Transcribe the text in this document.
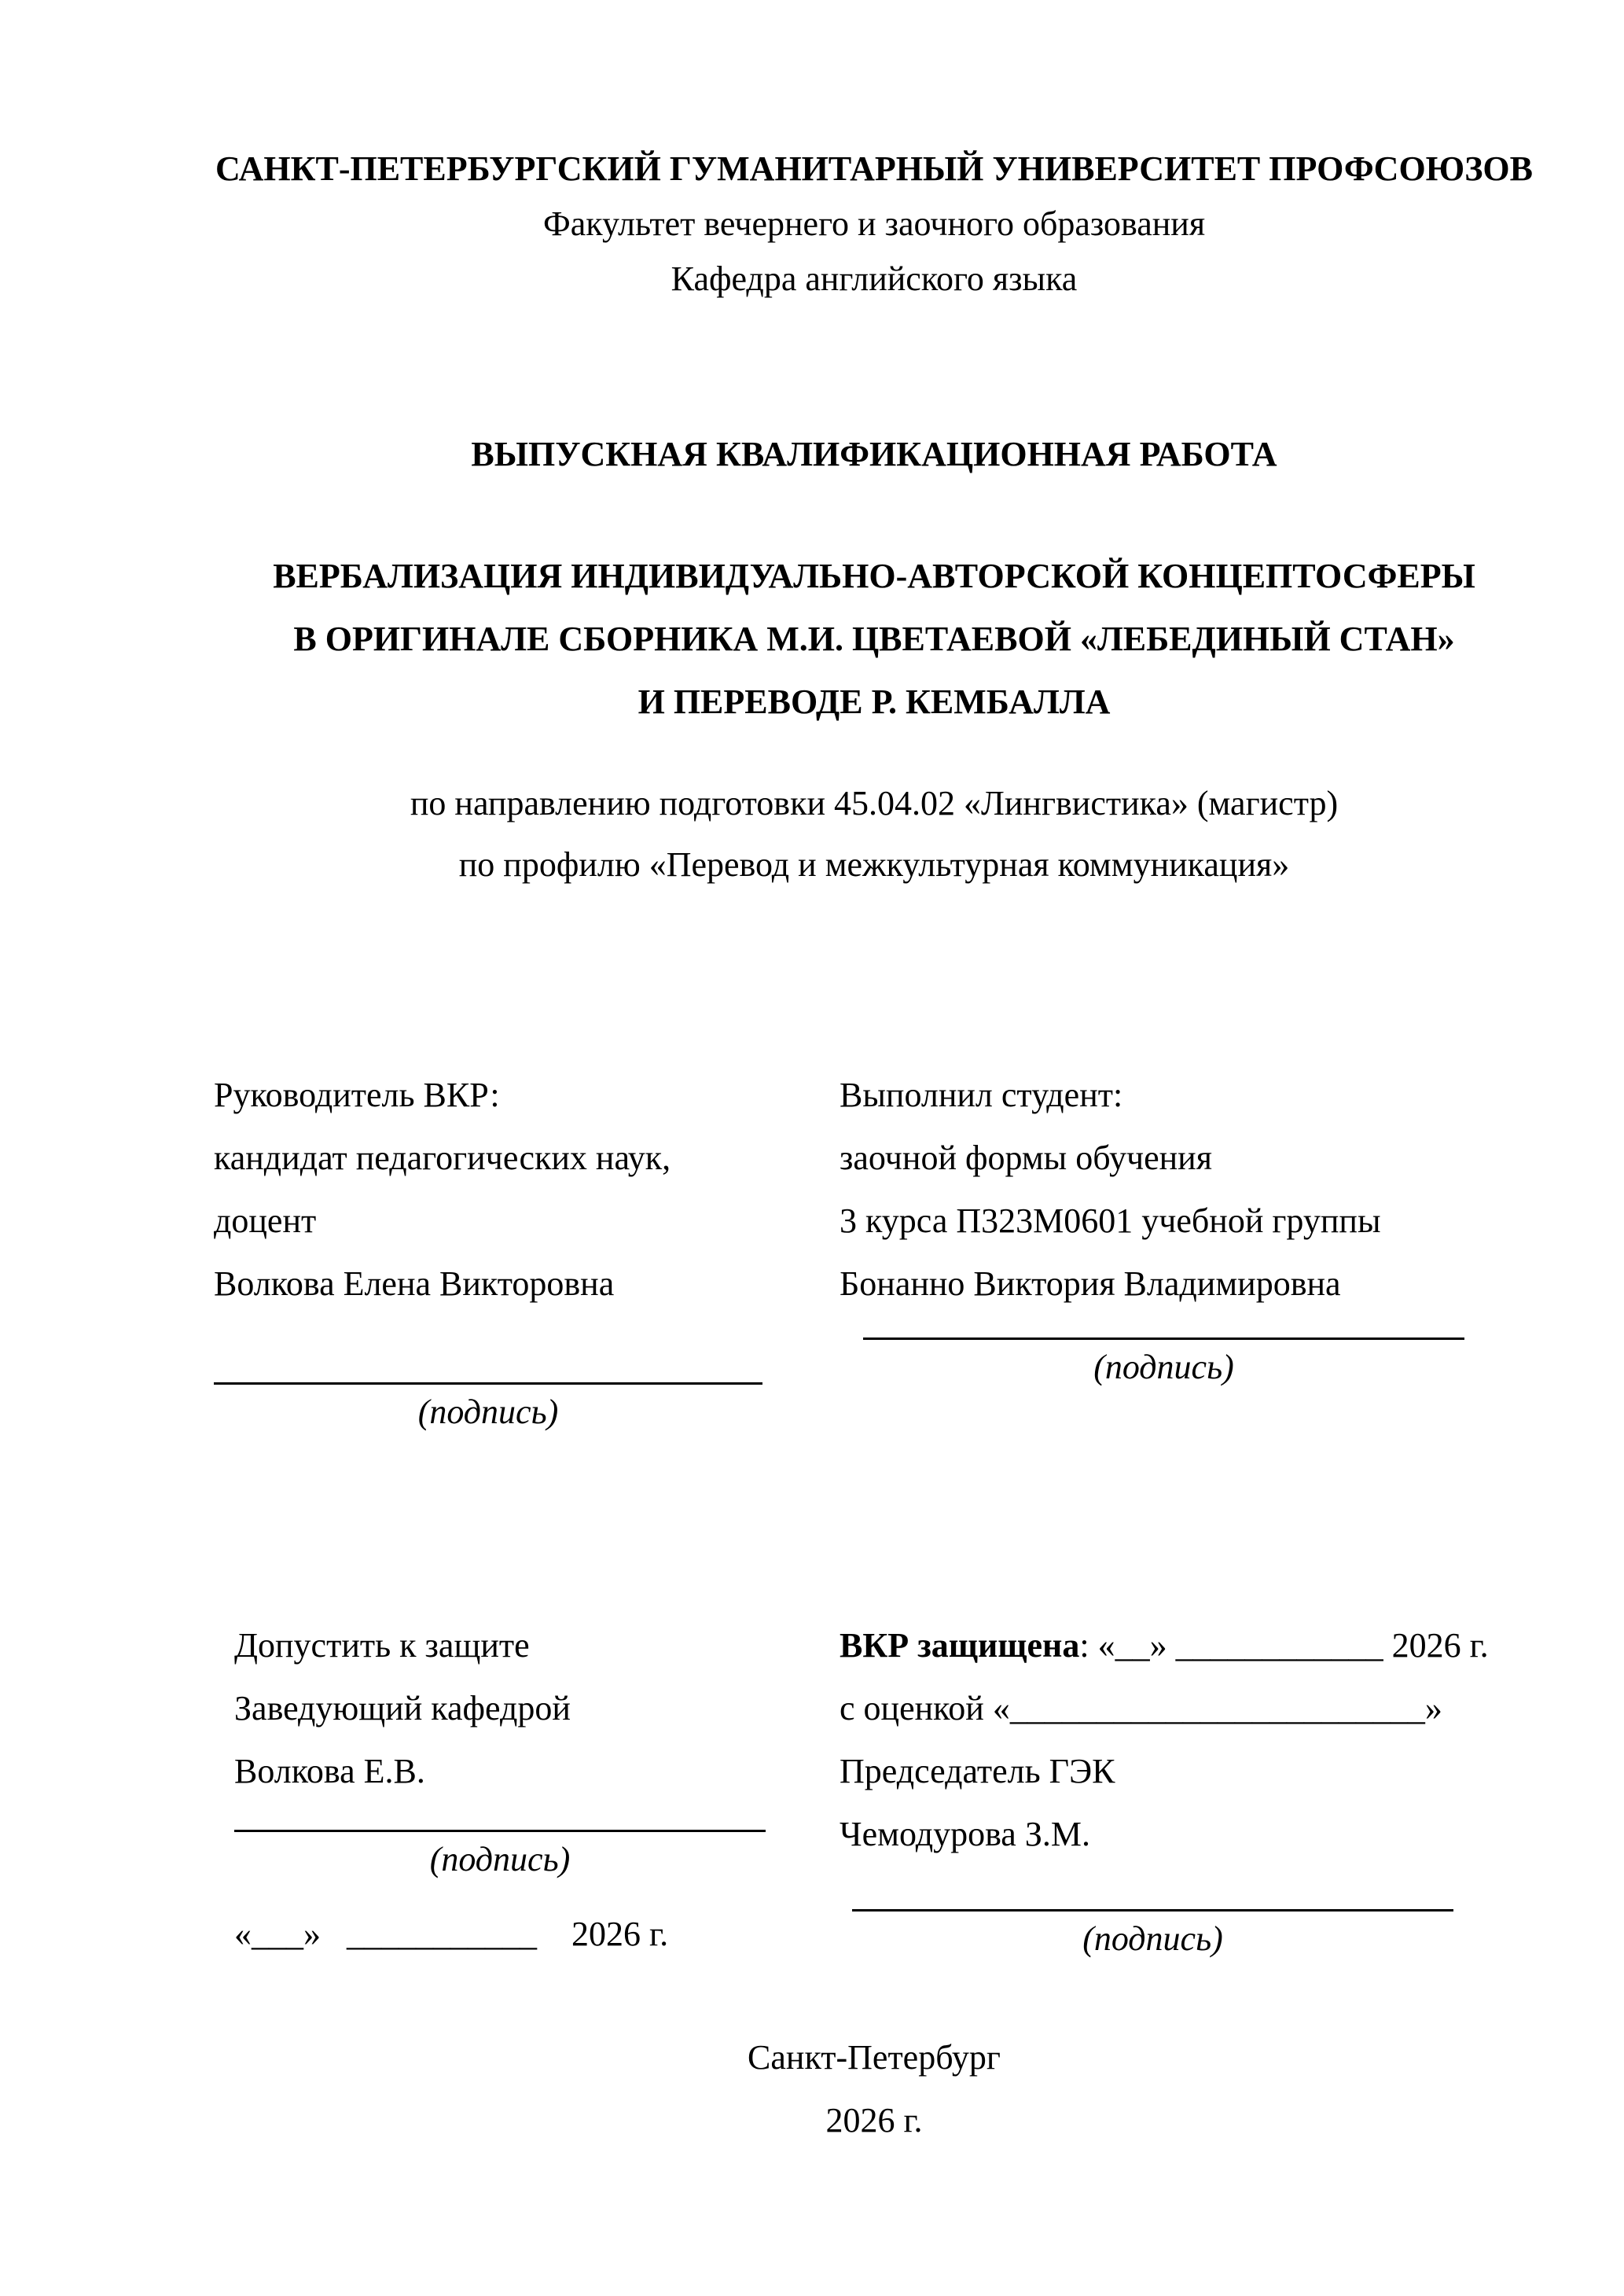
САНКТ-ПЕТЕРБУРГСКИЙ ГУМАНИТАРНЫЙ УНИВЕРСИТЕТ ПРОФСОЮЗОВ
Факультет вечернего и заочного образования
Кафедра английского языка
ВЫПУСКНАЯ КВАЛИФИКАЦИОННАЯ РАБОТА
ВЕРБАЛИЗАЦИЯ ИНДИВИДУАЛЬНО-АВТОРСКОЙ КОНЦЕПТОСФЕРЫ
В ОРИГИНАЛЕ СБОРНИКА М.И. ЦВЕТАЕВОЙ «ЛЕБЕДИНЫЙ СТАН»
И ПЕРЕВОДЕ Р. КЕМБАЛЛА
по направлению подготовки 45.04.02 «Лингвистика» (магистр)
по профилю «Перевод и межкультурная коммуникация»
Руководитель ВКР:
кандидат педагогических наук, доцент
Волкова Елена Викторовна
(подпись)
Выполнил студент:
заочной формы обучения
3 курса П323М0601 учебной группы
Бонанно Виктория Владимировна
(подпись)
Допустить к защите
Заведующий кафедрой
Волкова Е.В.
(подпись)
«___»   ___________    2026 г.
ВКР защищена: «__» ____________ 2026 г.
с оценкой «________________________»
Председатель ГЭК
Чемодурова З.М.
(подпись)
Санкт-Петербург
2026 г.
